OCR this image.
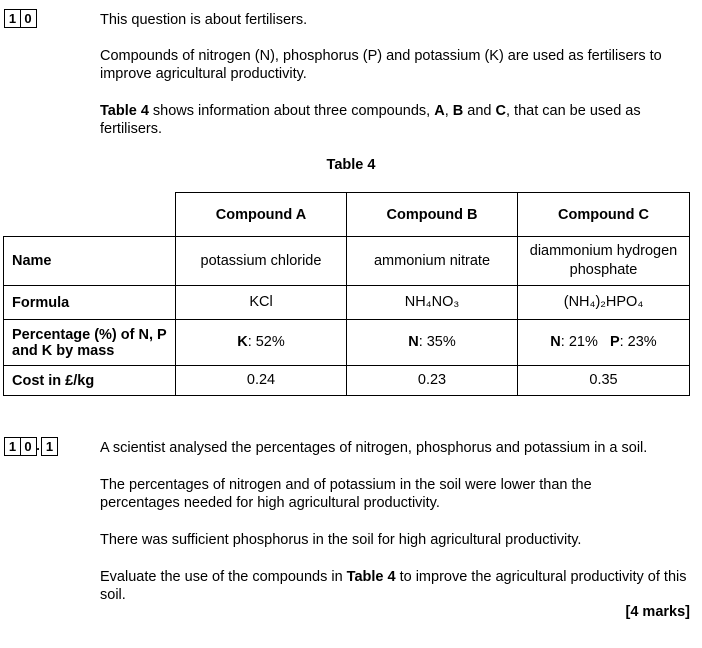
1 0	This question is about fertilisers.

Compounds of nitrogen (N), phosphorus (P) and potassium (K) are used as fertilisers to improve agricultural productivity.

Table 4 shows information about three compounds, A, B and C, that can be used as fertilisers.

Table 4
	Compound A	Compound B	Compound C
Name	potassium chloride	ammonium nitrate	diammonium hydrogen phosphate
Formula	KCl	NH₄NO₃	(NH₄)₂HPO₄
Percentage (%) of N, P and K by mass	K: 52%	N: 35%	N: 21% P: 23%
Cost in £/kg	0.24	0.23	0.35
1 0 . 1	A scientist analysed the percentages of nitrogen, phosphorus and potassium in a soil.

The percentages of nitrogen and of potassium in the soil were lower than the percentages needed for high agricultural productivity.

There was sufficient phosphorus in the soil for high agricultural productivity.

Evaluate the use of the compounds in Table 4 to improve the agricultural productivity of this soil.

[4 marks]
